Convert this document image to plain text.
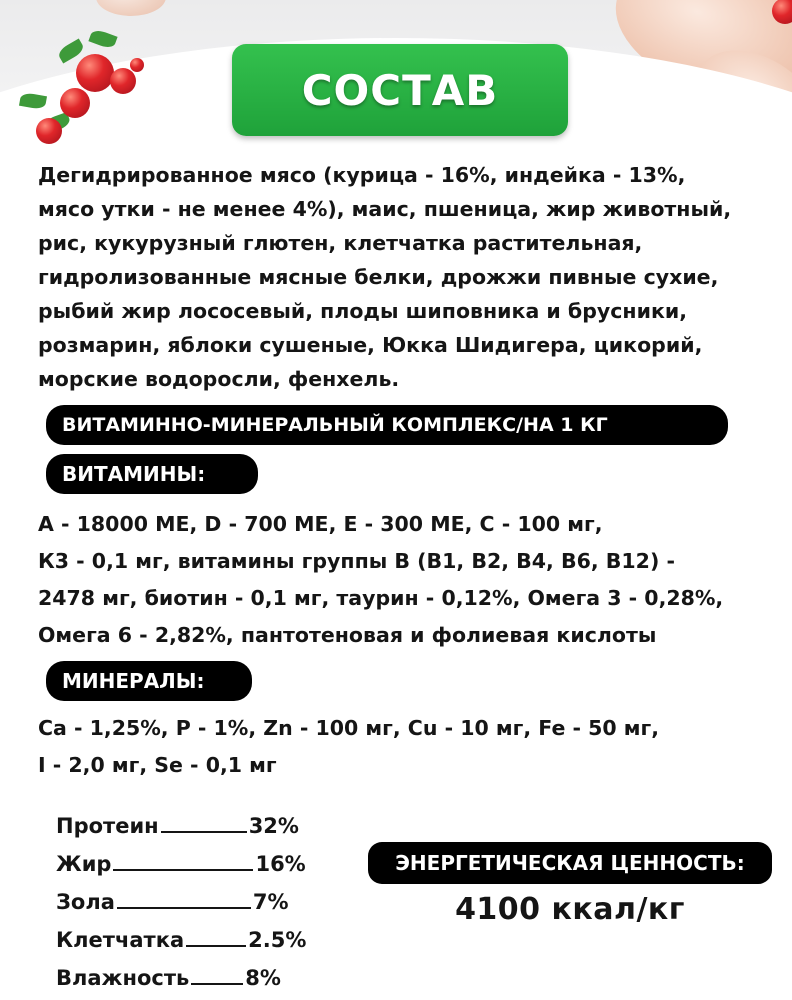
СОСТАВ

Дегидрированное мясо (курица - 16%, индейка - 13%,
мясо утки - не менее 4%), маис, пшеница, жир животный,
рис, кукурузный глютен, клетчатка растительная,
гидролизованные мясные белки, дрожжи пивные сухие,
рыбий жир лососевый, плоды шиповника и брусники,
розмарин, яблоки сушеные, Юкка Шидигера, цикорий,
морские водоросли, фенхель.

ВИТАМИННО-МИНЕРАЛЬНЫЙ КОМПЛЕКС/НА 1 КГ
ВИТАМИНЫ:

А - 18000 МЕ, D - 700 МЕ, Е - 300 МЕ, С - 100 мг,
К3 - 0,1 мг, витамины группы В (В1, В2, В4, В6, В12) -
2478 мг, биотин - 0,1 мг, таурин - 0,12%, Омега 3 - 0,28%,
Омега 6 - 2,82%, пантотеновая и фолиевая кислоты

МИНЕРАЛЫ:

Са - 1,25%, Р - 1%, Zn - 100 мг, Cu - 10 мг, Fe - 50 мг,
I - 2,0 мг, Se - 0,1 мг

Протеин	32%
Жир	16%
Зола	7%
Клетчатка	2.5%
Влажность	8%
ЭНЕРГЕТИЧЕСКАЯ ЦЕННОСТЬ:
4100 ккал/кг
